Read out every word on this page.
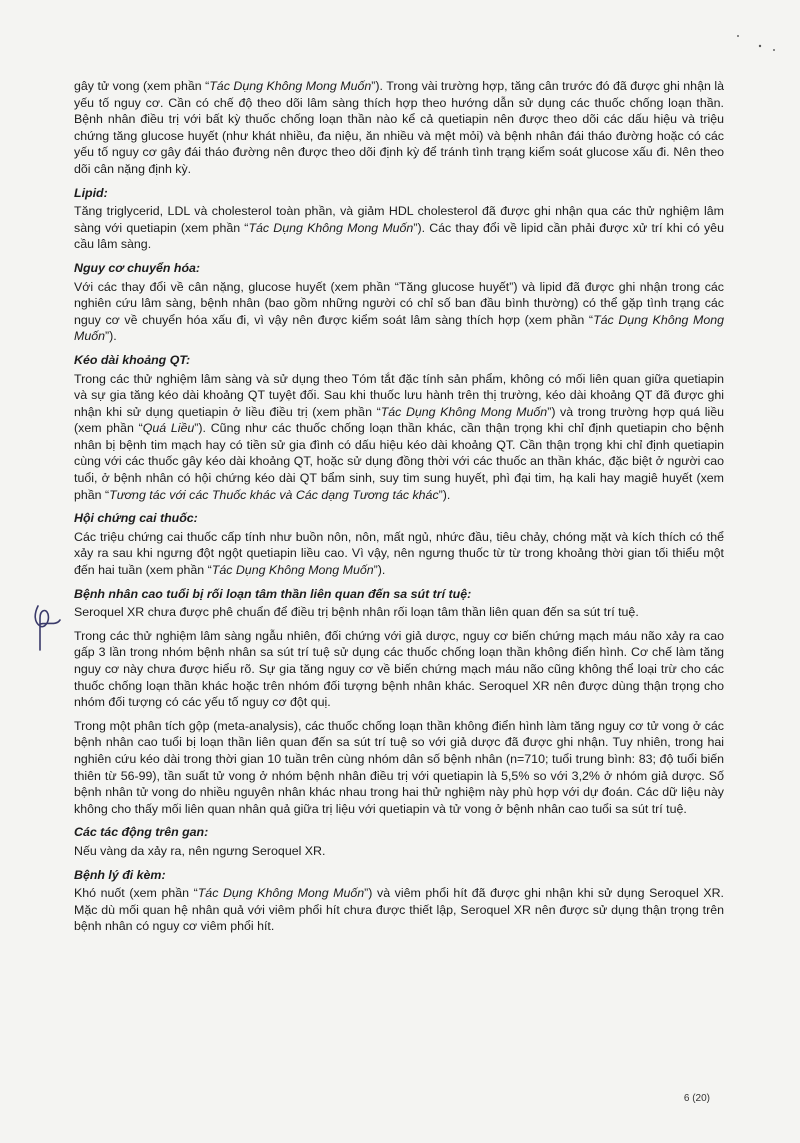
gây tử vong (xem phần “Tác Dụng Không Mong Muốn”). Trong vài trường hợp, tăng cân trước đó đã được ghi nhận là yếu tố nguy cơ. Cần có chế độ theo dõi lâm sàng thích hợp theo hướng dẫn sử dụng các thuốc chống loạn thần. Bệnh nhân điều trị với bất kỳ thuốc chống loạn thần nào kể cả quetiapin nên được theo dõi các dấu hiệu và triệu chứng tăng glucose huyết (như khát nhiều, đa niệu, ăn nhiều và mệt mỏi) và bệnh nhân đái tháo đường hoặc có các yếu tố nguy cơ gây đái tháo đường nên được theo dõi định kỳ để tránh tình trạng kiểm soát glucose xấu đi. Nên theo dõi cân nặng định kỳ.

Lipid:

Tăng triglycerid, LDL và cholesterol toàn phần, và giảm HDL cholesterol đã được ghi nhận qua các thử nghiệm lâm sàng với quetiapin (xem phần “Tác Dụng Không Mong Muốn”). Các thay đổi về lipid cần phải được xử trí khi có yêu cầu lâm sàng.

Nguy cơ chuyển hóa:

Với các thay đổi về cân nặng, glucose huyết (xem phần “Tăng glucose huyết”) và lipid đã được ghi nhận trong các nghiên cứu lâm sàng, bệnh nhân (bao gồm những người có chỉ số ban đầu bình thường) có thể gặp tình trạng các nguy cơ về chuyển hóa xấu đi, vì vậy nên được kiểm soát lâm sàng thích hợp (xem phần “Tác Dụng Không Mong Muốn”).

Kéo dài khoảng QT:

Trong các thử nghiệm lâm sàng và sử dụng theo Tóm tắt đặc tính sản phẩm, không có mối liên quan giữa quetiapin và sự gia tăng kéo dài khoảng QT tuyệt đối. Sau khi thuốc lưu hành trên thị trường, kéo dài khoảng QT đã được ghi nhận khi sử dụng quetiapin ở liều điều trị (xem phần “Tác Dụng Không Mong Muốn”) và trong trường hợp quá liều (xem phần “Quá Liều”). Cũng như các thuốc chống loạn thần khác, cần thận trọng khi chỉ định quetiapin cho bệnh nhân bị bệnh tim mạch hay có tiền sử gia đình có dấu hiệu kéo dài khoảng QT. Cần thận trọng khi chỉ định quetiapin cùng với các thuốc gây kéo dài khoảng QT, hoặc sử dụng đồng thời với các thuốc an thần khác, đặc biệt ở người cao tuổi, ở bệnh nhân có hội chứng kéo dài QT bẩm sinh, suy tim sung huyết, phì đại tim, hạ kali hay magiê huyết (xem phần “Tương tác với các Thuốc khác và Các dạng Tương tác khác”).

Hội chứng cai thuốc:

Các triệu chứng cai thuốc cấp tính như buồn nôn, nôn, mất ngủ, nhức đầu, tiêu chảy, chóng mặt và kích thích có thể xảy ra sau khi ngưng đột ngột quetiapin liều cao. Vì vậy, nên ngưng thuốc từ từ trong khoảng thời gian tối thiểu một đến hai tuần (xem phần “Tác Dụng Không Mong Muốn”).

Bệnh nhân cao tuổi bị rối loạn tâm thần liên quan đến sa sút trí tuệ:

Seroquel XR chưa được phê chuẩn để điều trị bệnh nhân rối loạn tâm thần liên quan đến sa sút trí tuệ.

Trong các thử nghiệm lâm sàng ngẫu nhiên, đối chứng với giả dược, nguy cơ biến chứng mạch máu não xảy ra cao gấp 3 lần trong nhóm bệnh nhân sa sút trí tuệ sử dụng các thuốc chống loạn thần không điển hình. Cơ chế làm tăng nguy cơ này chưa được hiểu rõ. Sự gia tăng nguy cơ về biến chứng mạch máu não cũng không thể loại trừ cho các thuốc chống loạn thần khác hoặc trên nhóm đối tượng bệnh nhân khác. Seroquel XR nên được dùng thận trọng cho nhóm đối tượng có các yếu tố nguy cơ đột quị.

Trong một phân tích gộp (meta-analysis), các thuốc chống loạn thần không điển hình làm tăng nguy cơ tử vong ở các bệnh nhân cao tuổi bị loạn thần liên quan đến sa sút trí tuệ so với giả dược đã được ghi nhận. Tuy nhiên, trong hai nghiên cứu kéo dài trong thời gian 10 tuần trên cùng nhóm dân số bệnh nhân (n=710; tuổi trung bình: 83; độ tuổi biến thiên từ 56-99), tần suất tử vong ở nhóm bệnh nhân điều trị với quetiapin là 5,5% so với 3,2% ở nhóm giả dược. Số bệnh nhân tử vong do nhiều nguyên nhân khác nhau trong hai thử nghiệm này phù hợp với dự đoán. Các dữ liệu này không cho thấy mối liên quan nhân quả giữa trị liệu với quetiapin và tử vong ở bệnh nhân cao tuổi sa sút trí tuệ.

Các tác động trên gan:

Nếu vàng da xảy ra, nên ngưng Seroquel XR.

Bệnh lý đi kèm:

Khó nuốt (xem phần “Tác Dụng Không Mong Muốn”) và viêm phổi hít đã được ghi nhận khi sử dụng Seroquel XR. Mặc dù mối quan hệ nhân quả với viêm phổi hít chưa được thiết lập, Seroquel XR nên được sử dụng thận trọng trên bệnh nhân có nguy cơ viêm phổi hít.

6 (20)
